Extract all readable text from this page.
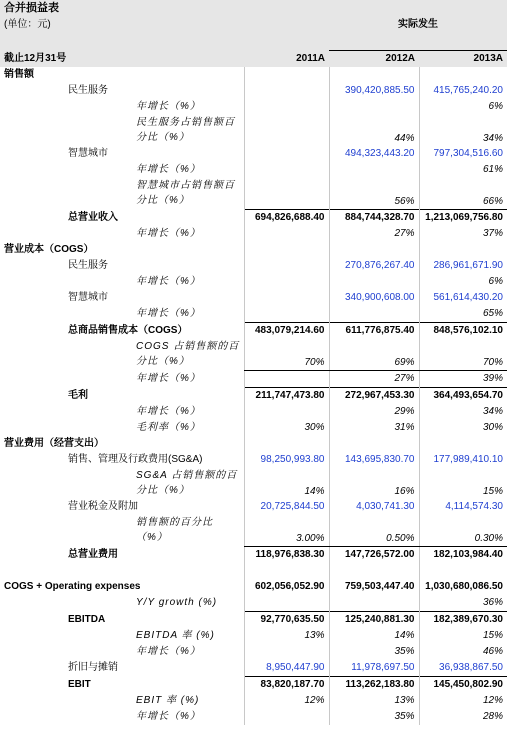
合并损益表					
(单位：元)				实际发生	

截止12月31号			2011A	2012A	2013A
销售额					
民生服务				390,420,885.50	415,765,240.20
		年增长（%）			6%
		民生服务占销售额百分比（%）		44%	34%
智慧城市				494,323,443.20	797,304,516.60
		年增长（%）			61%
		智慧城市占销售额百分比（%）		56%	66%
总营业收入			694,826,688.40	884,744,328.70	1,213,069,756.80
		年增长（%）		27%	37%
营业成本（COGS）					
民生服务				270,876,267.40	286,961,671.90
		年增长（%）			6%
智慧城市				340,900,608.00	561,614,430.20
		年增长（%）			65%
总商品销售成本（COGS）			483,079,214.60	611,776,875.40	848,576,102.10
		COGS 占销售额的百分比（%）	70%	69%	70%
		年增长（%）		27%	39%
毛利			211,747,473.80	272,967,453.30	364,493,654.70
		年增长（%）		29%	34%
		毛利率（%）	30%	31%	30%
营业费用（经营支出）					
销售、管理及行政费用(SG&A)			98,250,993.80	143,695,830.70	177,989,410.10
		SG&A 占销售额的百分比（%）	14%	16%	15%
营业税金及附加			20,725,844.50	4,030,741.30	4,114,574.30
		销售额的百分比（%）	3.00%	0.50%	0.30%
总营业费用			118,976,838.30	147,726,572.00	182,103,984.40

COGS + Operating expenses			602,056,052.90	759,503,447.40	1,030,680,086.50
		Y/Y growth (%)			36%
EBITDA			92,770,635.50	125,240,881.30	182,389,670.30
		EBITDA 率 (%)	13%	14%	15%
		年增长（%）		35%	46%
折旧与摊销			8,950,447.90	11,978,697.50	36,938,867.50
EBIT			83,820,187.70	113,262,183.80	145,450,802.90
		EBIT 率 (%)	12%	13%	12%
		年增长（%）		35%	28%
